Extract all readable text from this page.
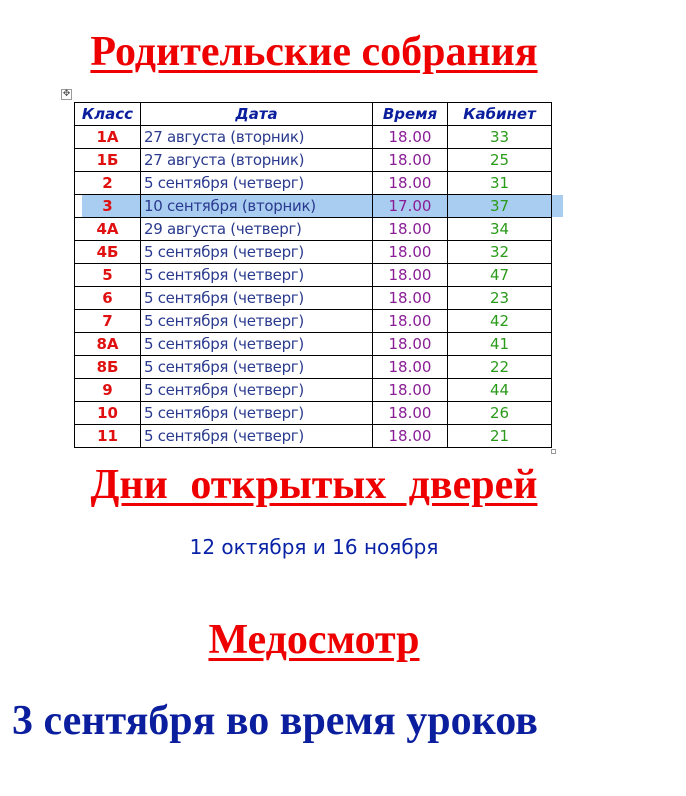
Родительские собрания
✥
Класс	Дата	Время	Кабинет
1А	27 августа (вторник)	18.00	33
1Б	27 августа (вторник)	18.00	25
2	5 сентября (четверг)	18.00	31
3	10 сентября (вторник)	17.00	37
4А	29 августа (четверг)	18.00	34
4Б	5 сентября (четверг)	18.00	32
5	5 сентября (четверг)	18.00	47
6	5 сентября (четверг)	18.00	23
7	5 сентября (четверг)	18.00	42
8А	5 сентября (четверг)	18.00	41
8Б	5 сентября (четверг)	18.00	22
9	5 сентября (четверг)	18.00	44
10	5 сентября (четверг)	18.00	26
11	5 сентября (четверг)	18.00	21
Дни открытых дверей

12 октября и 16 ноября

Медосмотр

3 сентября во время уроков
